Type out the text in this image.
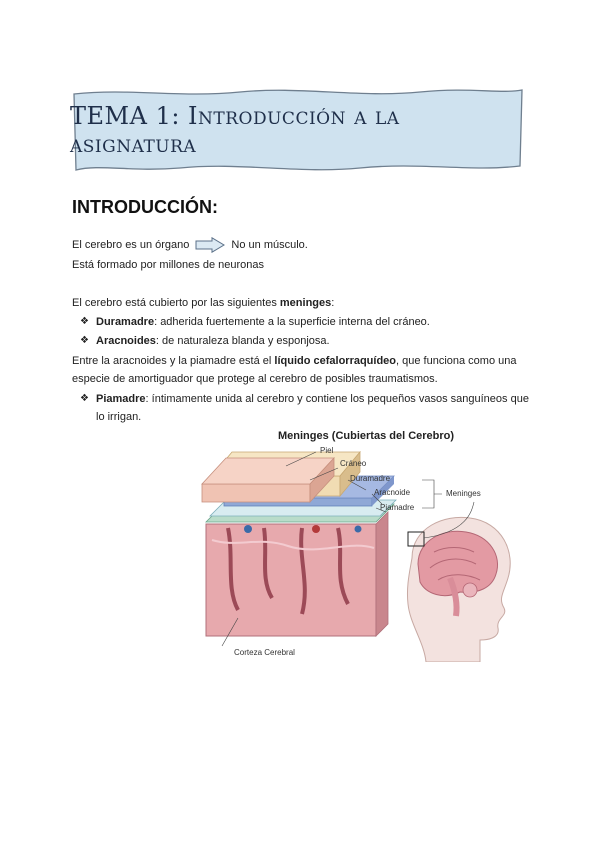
TEMA 1: Introducción a la asignatura
INTRODUCCIÓN:

El cerebro es un órgano	No un músculo.

Está formado por millones de neuronas

El cerebro está cubierto por las siguientes meninges:

❖ Duramadre: adherida fuertemente a la superficie interna del cráneo.
❖ Aracnoides: de naturaleza blanda y esponjosa.

Entre la aracnoides y la piamadre está el líquido cefalorraquídeo, que funciona como una especie de amortiguador que protege al cerebro de posibles traumatismos.

❖ Piamadre: íntimamente unida al cerebro y contiene los pequeños vasos sanguíneos que lo irrigan.
Meninges (Cubiertas del Cerebro)
Piel
Cráneo
Duramadre
Aracnoide
Piamadre
Meninges
Corteza Cerebral
